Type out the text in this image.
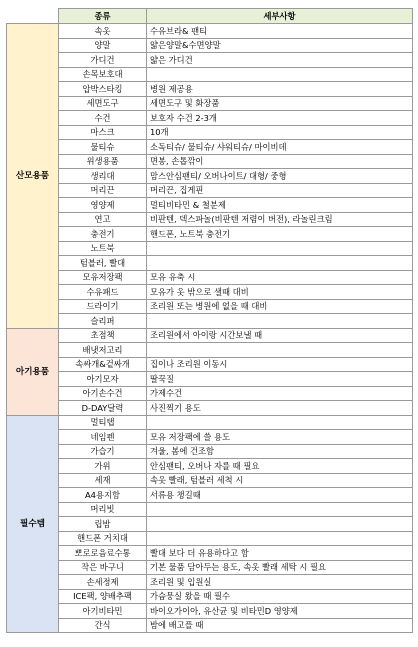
	종류	세부사항
산모용품	속옷	수유브라& 팬티
	양말	얇은양말&수면양말
	가디건	얇은 가디건
	손목보호대	
	압박스타킹	병원 제공용
	세면도구	세면도구 및 화장품
	수건	보호자 수건 2-3개
	마스크	10개
	물티슈	소독티슈/ 물티슈/ 샤워티슈/ 마이비데
	위생용품	면봉, 손톱깎이
	생리대	맘스안심팬티/ 오버나이트/ 대형/ 중형
	머리끈	머리끈, 집게핀
	영양제	멀티비타민 & 철분제
	연고	비판텐, 덱스파놀(비판텐 저렴이 버전), 라놀린크림
	충전기	핸드폰, 노트북 충전기
	노트북	
	텀블러, 빨대	
	모유저장팩	모유 유축 시
	수유패드	모유가 옷 밖으로 샐때 대비
	드라이기	조리원 또는 병원에 없을 때 대비
	슬리퍼	
아기용품	초점책	조리원에서 아이랑 시간보낼 때
	배냇저고리	
	속싸개&겉싸개	집이나 조리원 이동시
	아기모자	딸꾹질
	아기손수건	가제수건
	D-DAY달력	사진찍기 용도
필수템	멀티탭	
	네임펜	모유 저장팩에 쓸 용도
	가습기	겨울, 봄에 건조함
	가위	안심팬티, 오버나 자를 때 필요
	세재	속옷 빨래, 텀블러 세척 시
	A4용지함	서류용 챙길때
	머리빗	
	립밤	
	핸드폰 거치대	
	뽀로로음료수통	빨대 보다 더 유용하다고 함
	작은 바구니	기본 물품 담아두는 용도, 속옷 빨래 세탁 시 필요
	손세정제	조리원 및 입원실
	ICE팩, 양배추팩	가슴뭉실 왔을 때 필수
	아기비타민	바이오가이아, 유산균 및 비타민D 영양제
	간식	밤에 배고플 때
